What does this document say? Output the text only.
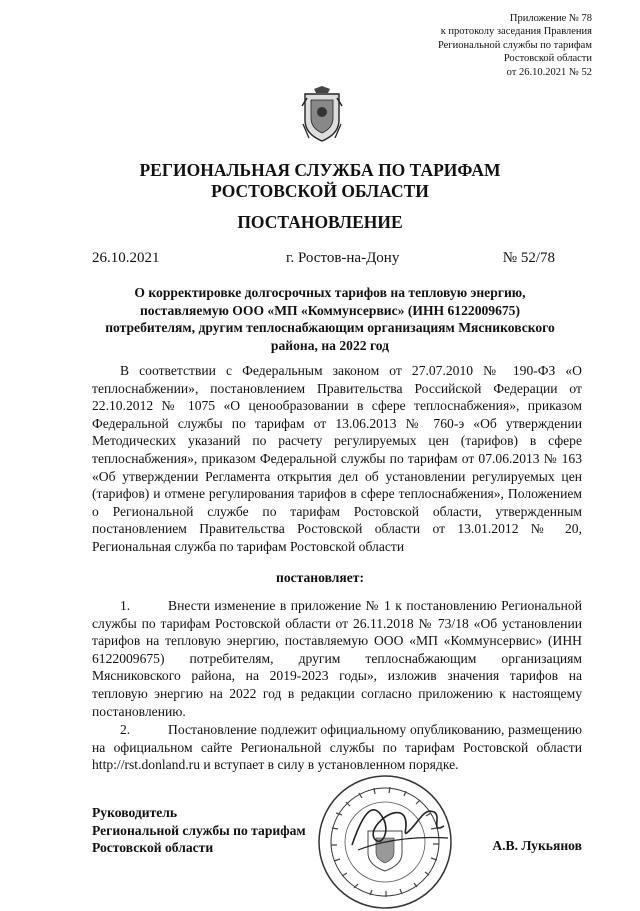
Приложение № 78
к протоколу заседания Правления
Региональной службы по тарифам
Ростовской области
от 26.10.2021 № 52
РЕГИОНАЛЬНАЯ СЛУЖБА ПО ТАРИФАМ
РОСТОВСКОЙ ОБЛАСТИ
ПОСТАНОВЛЕНИЕ
26.10.2021	г. Ростов-на-Дону	№ 52/78
О корректировке долгосрочных тарифов на тепловую энергию,
поставляемую ООО «МП «Коммунсервис» (ИНН 6122009675)
потребителям, другим теплоснабжающим организациям Мясниковского
района, на 2022 год

В соответствии с Федеральным законом от 27.07.2010 № 190-ФЗ «О теплоснабжении», постановлением Правительства Российской Федерации от 22.10.2012 № 1075 «О ценообразовании в сфере теплоснабжения», приказом Федеральной службы по тарифам от 13.06.2013 № 760-э «Об утверждении Методических указаний по расчету регулируемых цен (тарифов) в сфере теплоснабжения», приказом Федеральной службы по тарифам от 07.06.2013 № 163 «Об утверждении Регламента открытия дел об установлении регулируемых цен (тарифов) и отмене регулирования тарифов в сфере теплоснабжения», Положением о Региональной службе по тарифам Ростовской области, утвержденным постановлением Правительства Ростовской области от 13.01.2012 № 20, Региональная служба по тарифам Ростовской области

постановляет:

1.	Внести изменение в приложение № 1 к постановлению Региональной службы по тарифам Ростовской области от 26.11.2018 № 73/18 «Об установлении тарифов на тепловую энергию, поставляемую ООО «МП «Коммунсервис» (ИНН 6122009675) потребителям, другим теплоснабжающим организациям Мясниковского района, на 2019-2023 годы», изложив значения тарифов на тепловую энергию на 2022 год в редакции согласно приложению к настоящему постановлению.

2.	Постановление подлежит официальному опубликованию, размещению на официальном сайте Региональной службы по тарифам Ростовской области http://rst.donland.ru и вступает в силу в установленном порядке.

Руководитель
Региональной службы по тарифам
Ростовской области	А.В. Лукьянов
